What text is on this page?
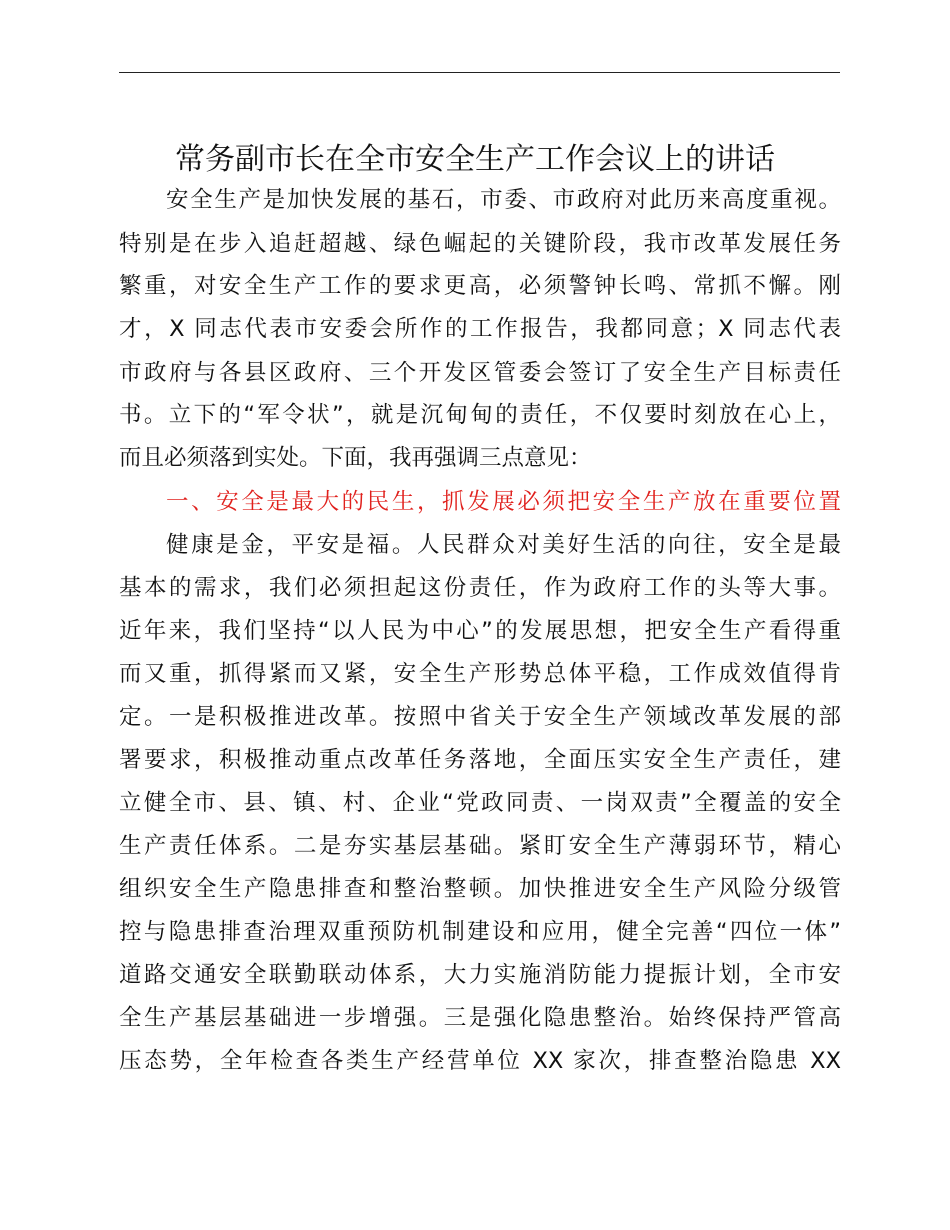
常务副市长在全市安全生产工作会议上的讲话
安全生产是加快发展的基石，市委、市政府对此历来高度重视。
特别是在步入追赶超越、绿色崛起的关键阶段，我市改革发展任务
繁重，对安全生产工作的要求更高，必须警钟长鸣、常抓不懈。刚
才，X 同志代表市安委会所作的工作报告，我都同意；X 同志代表
市政府与各县区政府、三个开发区管委会签订了安全生产目标责任
书。立下的“军令状”，就是沉甸甸的责任，不仅要时刻放在心上，
而且必须落到实处。下面，我再强调三点意见：
一、安全是最大的民生，抓发展必须把安全生产放在重要位置
健康是金，平安是福。人民群众对美好生活的向往，安全是最
基本的需求，我们必须担起这份责任，作为政府工作的头等大事。
近年来，我们坚持“以人民为中心”的发展思想，把安全生产看得重
而又重，抓得紧而又紧，安全生产形势总体平稳，工作成效值得肯
定。一是积极推进改革。按照中省关于安全生产领域改革发展的部
署要求，积极推动重点改革任务落地，全面压实安全生产责任，建
立健全市、县、镇、村、企业“党政同责、一岗双责”全覆盖的安全
生产责任体系。二是夯实基层基础。紧盯安全生产薄弱环节，精心
组织安全生产隐患排查和整治整顿。加快推进安全生产风险分级管
控与隐患排查治理双重预防机制建设和应用，健全完善“四位一体”
道路交通安全联勤联动体系，大力实施消防能力提振计划，全市安
全生产基层基础进一步增强。三是强化隐患整治。始终保持严管高
压态势，全年检查各类生产经营单位 XX 家次，排查整治隐患 XX
